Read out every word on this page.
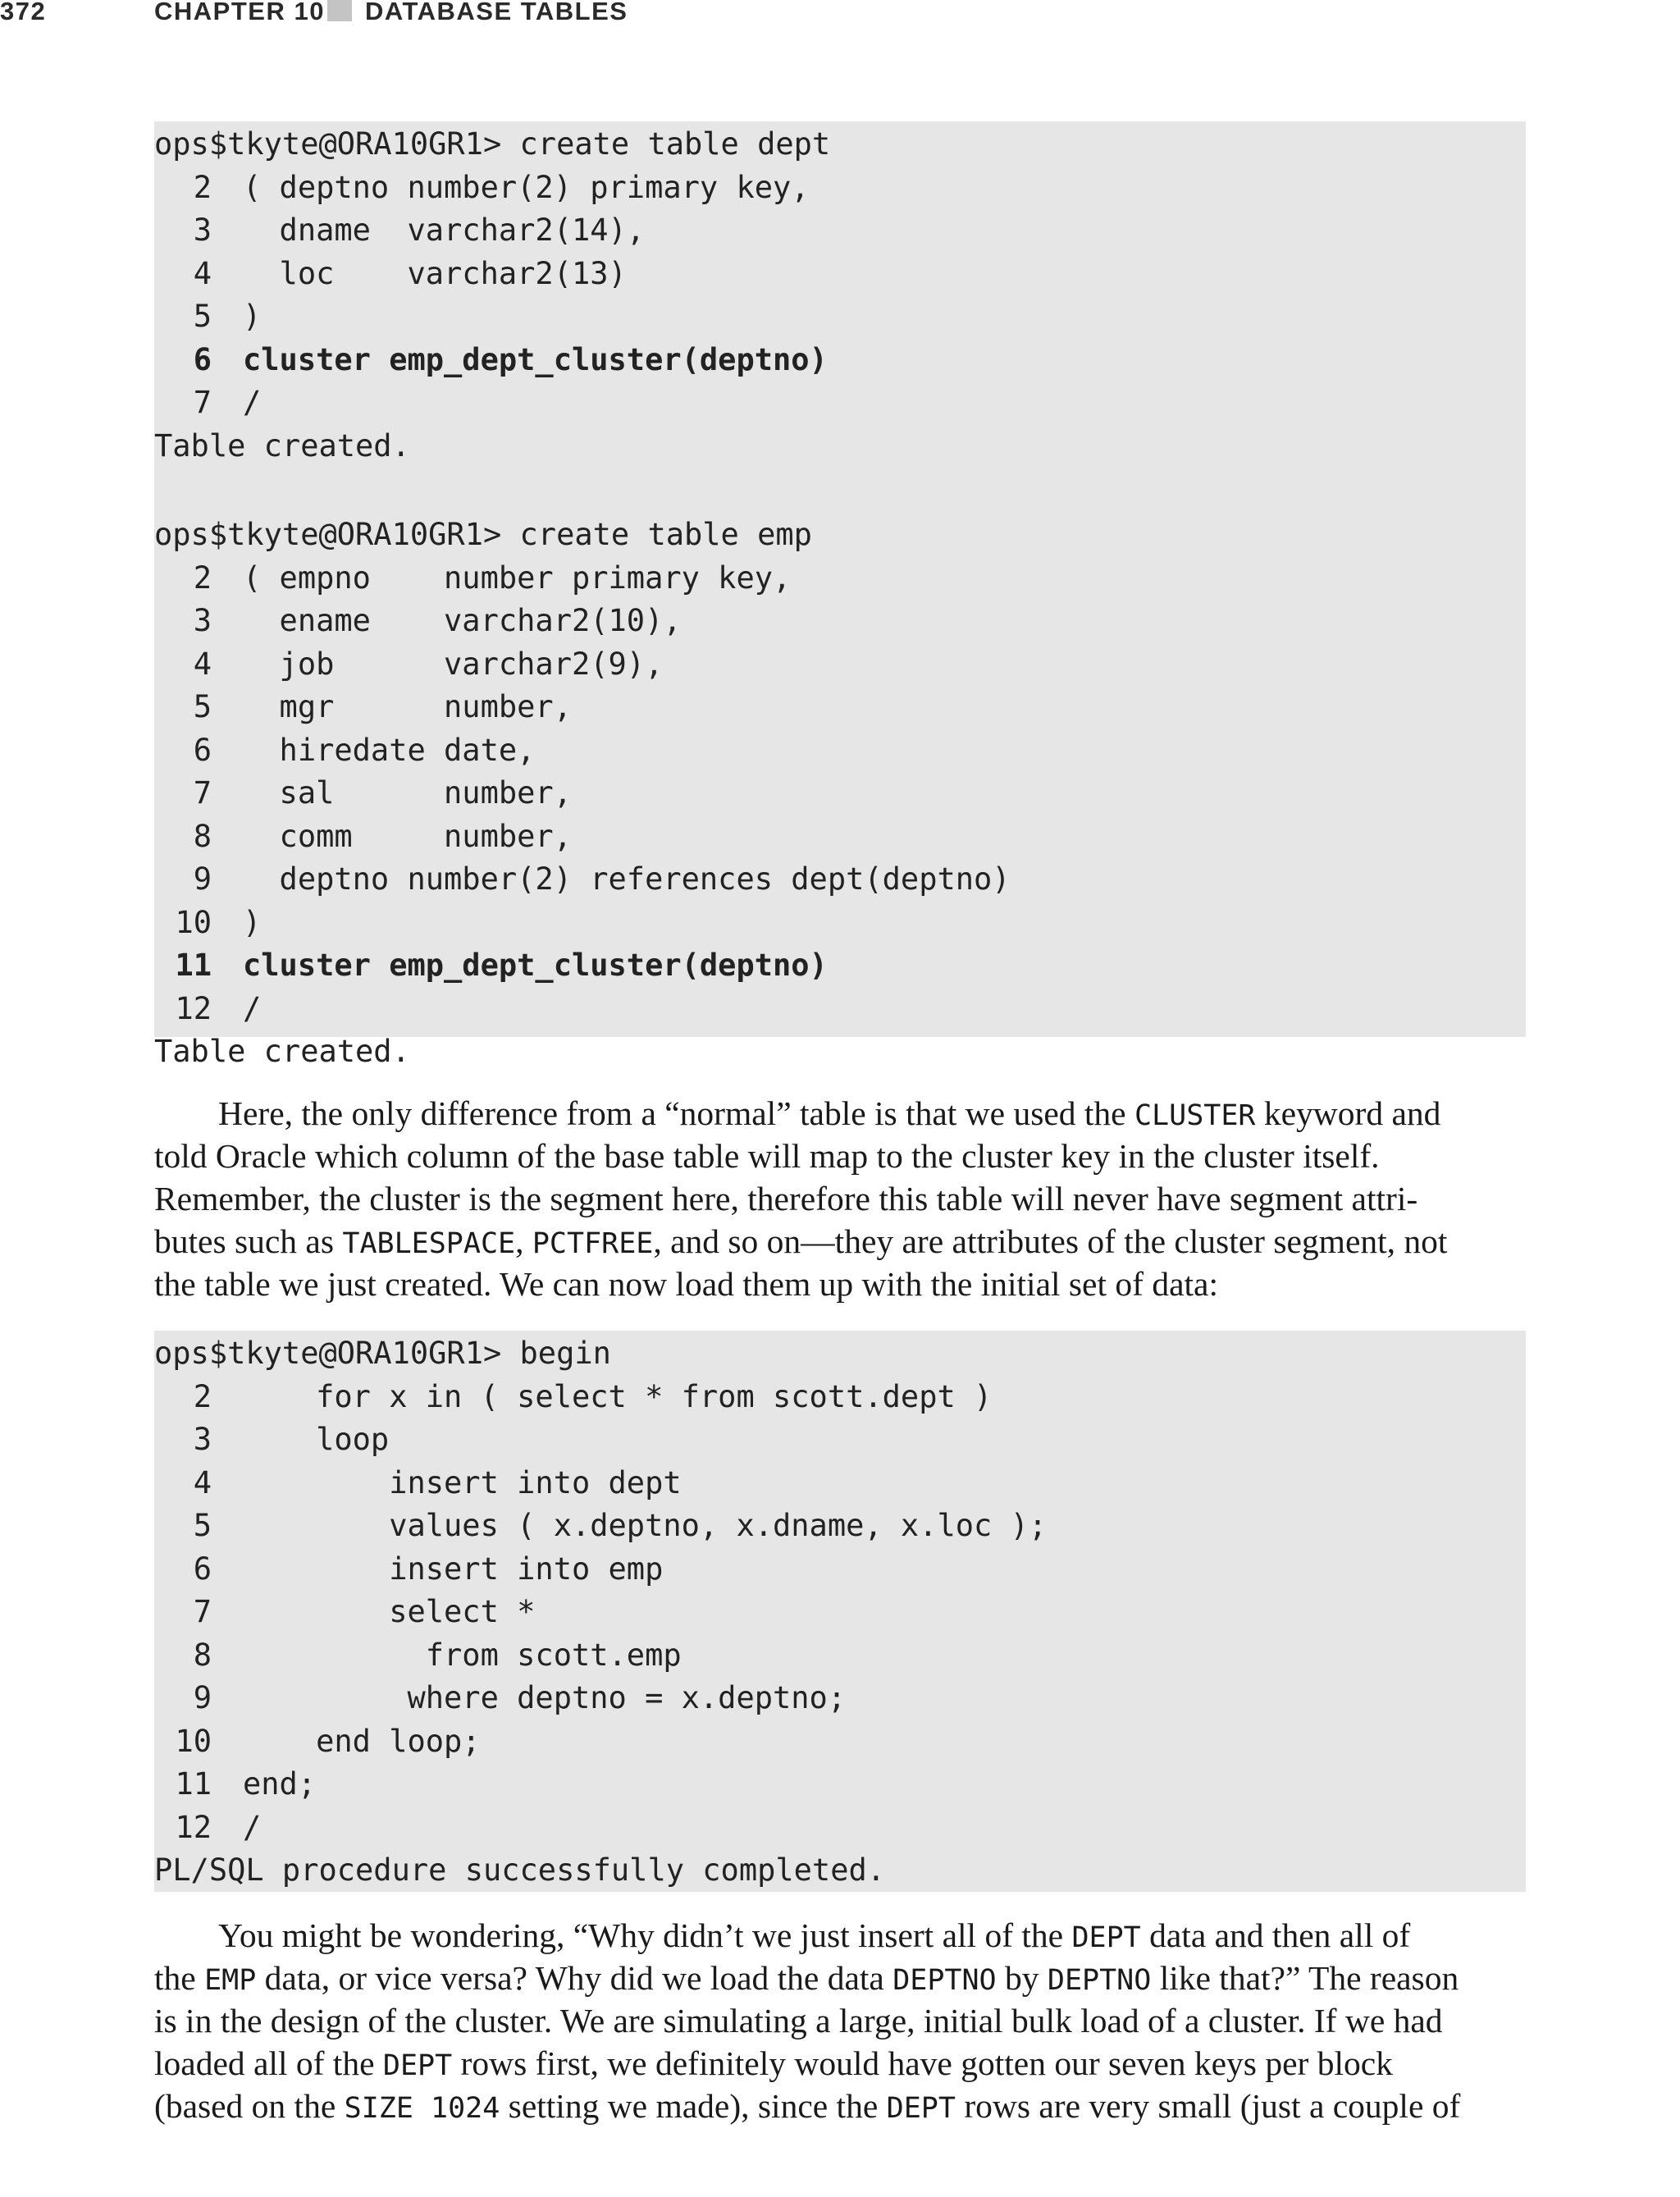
372	CHAPTER 10 DATABASE TABLES
ops$tkyte@ORA10GR1> create table dept
2 ( deptno number(2) primary key,
3  dname  varchar2(14),
4  loc    varchar2(13)
5 )
6 cluster emp_dept_cluster(deptno)
7 /
Table created.
ops$tkyte@ORA10GR1> create table emp
2 ( empno    number primary key,
3  ename    varchar2(10),
4  job      varchar2(9),
5  mgr      number,
6  hiredate date,
7  sal      number,
8  comm     number,
9  deptno number(2) references dept(deptno)
10 )
11 cluster emp_dept_cluster(deptno)
12 /
Table created.
Here, the only difference from a “normal” table is that we used the CLUSTER keyword and
told Oracle which column of the base table will map to the cluster key in the cluster itself.
Remember, the cluster is the segment here, therefore this table will never have segment attri-
butes such as TABLESPACE, PCTFREE, and so on—they are attributes of the cluster segment, not
the table we just created. We can now load them up with the initial set of data:
ops$tkyte@ORA10GR1> begin
2    for x in ( select * from scott.dept )
3    loop
4        insert into dept
5        values ( x.deptno, x.dname, x.loc );
6        insert into emp
7        select *
8          from scott.emp
9         where deptno = x.deptno;
10    end loop;
11 end;
12 /
PL/SQL procedure successfully completed.
You might be wondering, “Why didn’t we just insert all of the DEPT data and then all of
the EMP data, or vice versa? Why did we load the data DEPTNO by DEPTNO like that?” The reason
is in the design of the cluster. We are simulating a large, initial bulk load of a cluster. If we had
loaded all of the DEPT rows first, we definitely would have gotten our seven keys per block
(based on the SIZE 1024 setting we made), since the DEPT rows are very small (just a couple of
